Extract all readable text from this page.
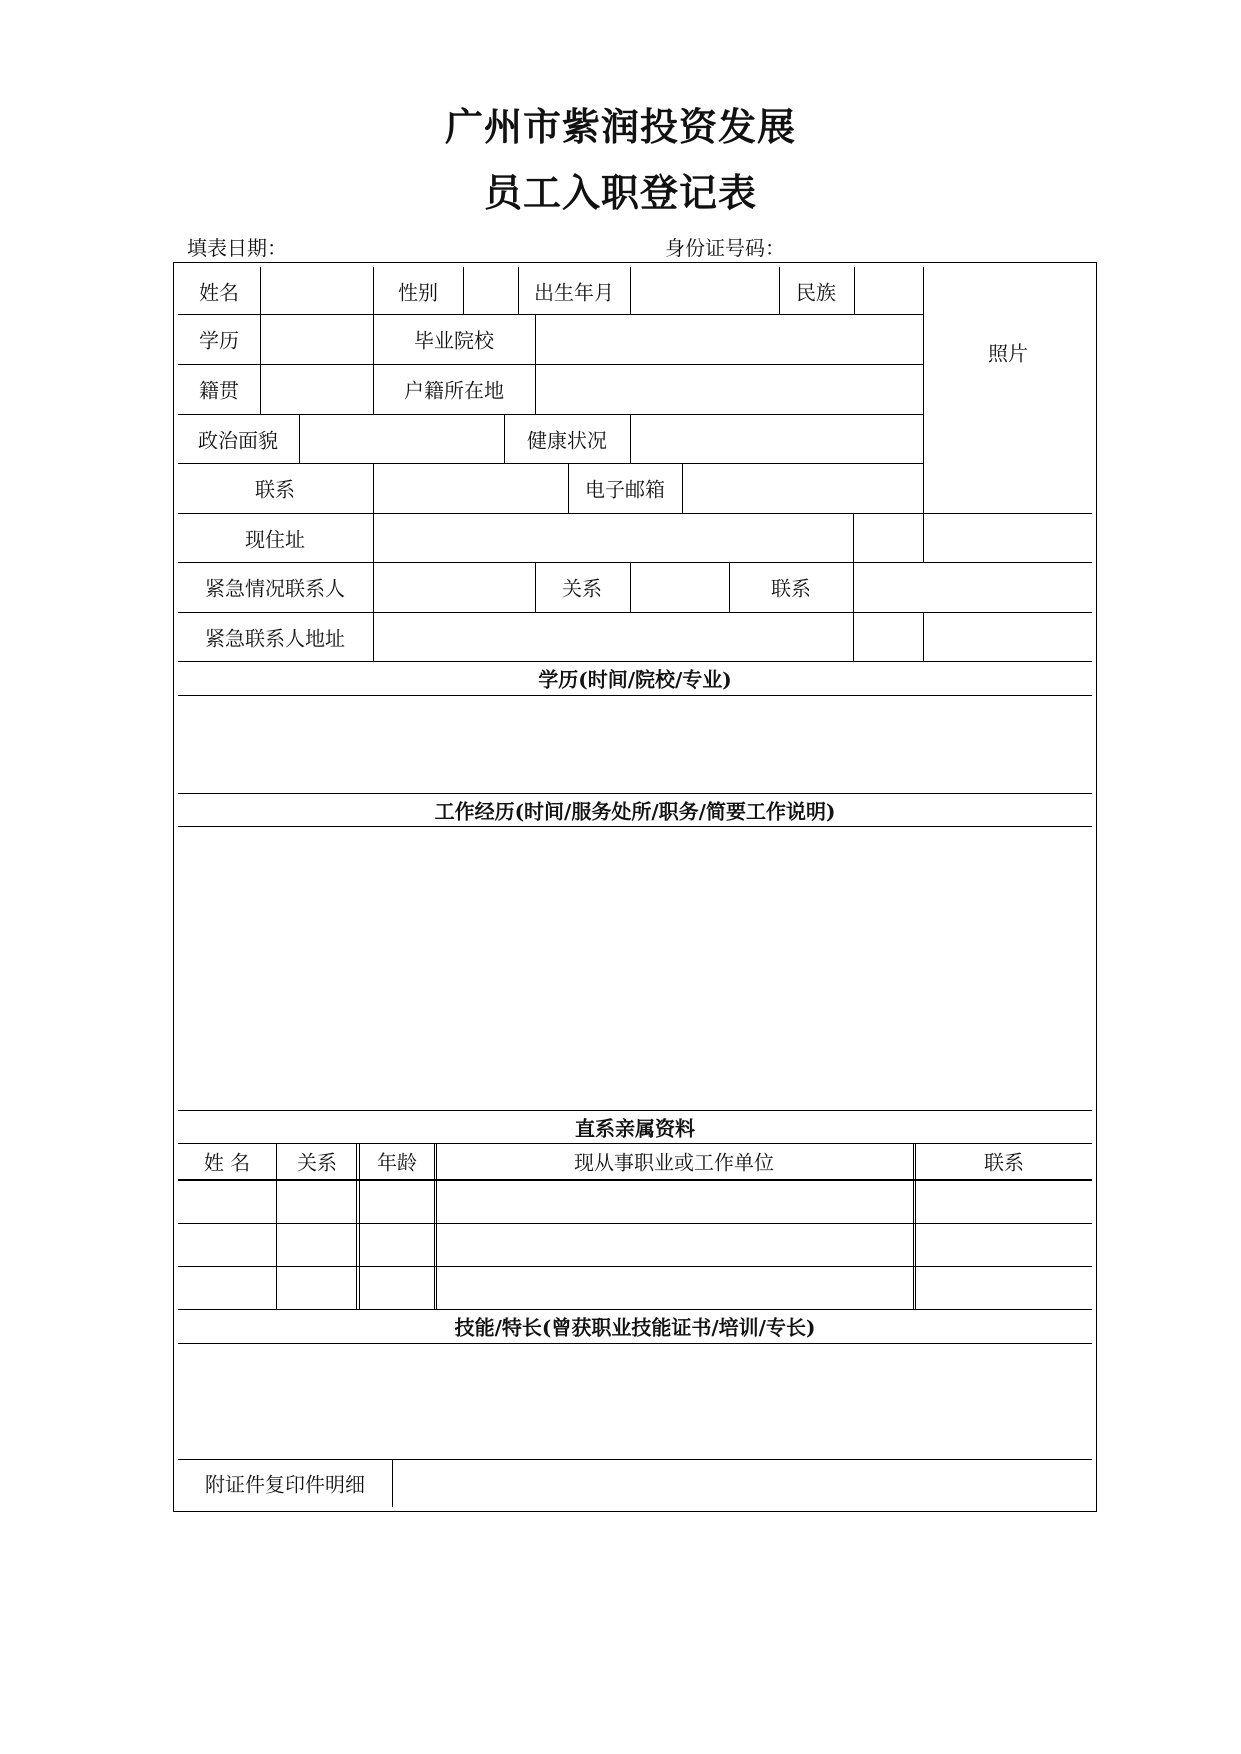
广州市紫润投资发展
员工入职登记表
填表日期：	身份证号码：
姓名	性别	出生年月	民族
照片
学历	毕业院校
籍贯	户籍所在地
政治面貌	健康状况
联系	电子邮箱
现住址
紧急情况联系人	关系	联系
紧急联系人地址
学历(时间/院校/专业)
工作经历(时间/服务处所/职务/简要工作说明)
直系亲属资料
姓 名 关系 年龄	现从事职业或工作单位	联系
技能/特长(曾获职业技能证书/培训/专长)
附证件复印件明细
